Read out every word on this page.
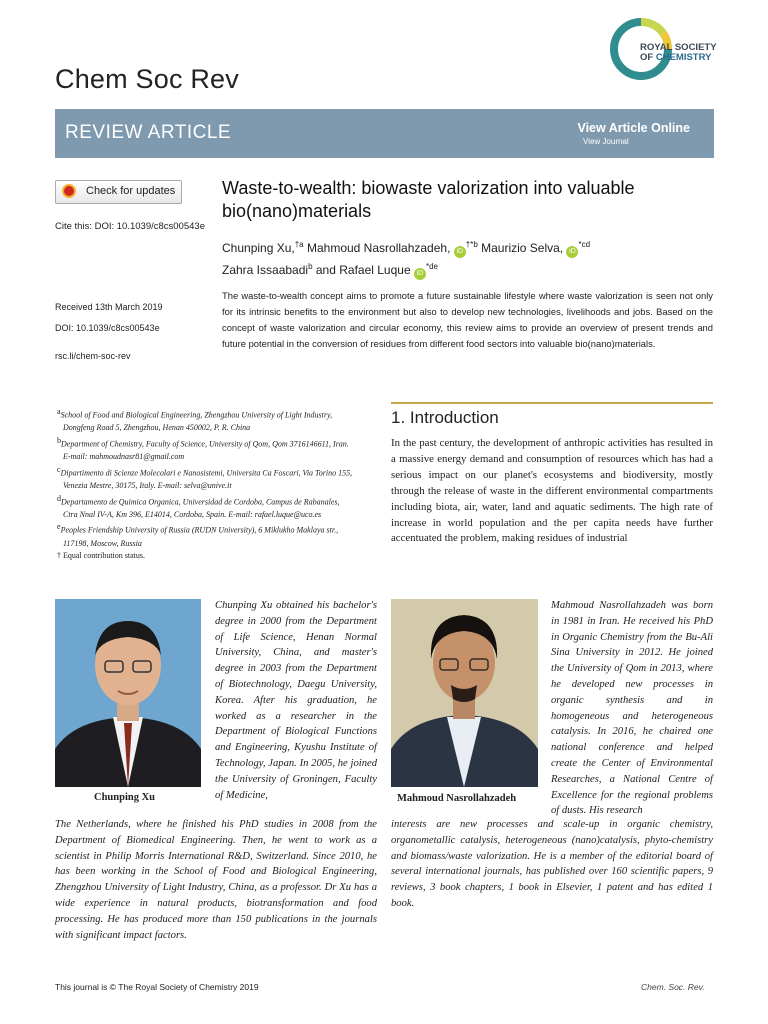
Chem Soc Rev
ROYAL SOCIETY
OF CHEMISTRY
REVIEW ARTICLE	View Article Online
View Journal
Check for updates
Cite this: DOI: 10.1039/c8cs00543e
Received 13th March 2019
DOI: 10.1039/c8cs00543e
rsc.li/chem-soc-rev
Waste-to-wealth: biowaste valorization into valuable bio(nano)materials
Chunping Xu,$^{\dagger a}$ Mahmoud Nasrollahzadeh, $iD^{\dagger*b}$ Maurizio Selva, $iD^{*cd}$
Zahra Issaabadi$^b$ and Rafael Luque $iD^{*de}$
The waste-to-wealth concept aims to promote a future sustainable lifestyle where waste valorization is seen not only for its intrinsic benefits to the environment but also to develop new technologies, livelihoods and jobs. Based on the concept of waste valorization and circular economy, this review aims to provide an overview of present trends and future potential in the conversion of residues from different food sectors into valuable bio(nano)materials.
$^a$School of Food and Biological Engineering, Zhengzhou University of Light Industry, Dongfeng Road 5, Zhengzhou, Henan 450002, P. R. China
$^b$Department of Chemistry, Faculty of Science, University of Qom, Qom 3716146611, Iran. E-mail: mahmoudnasr81@gmail.com
$^c$Dipartimento di Scienze Molecolari e Nanosistemi, Universita Ca Foscari, Via Torino 155, Venezia Mestre, 30175, Italy. E-mail: selva@unive.it
$^d$Departamento de Quimica Organica, Universidad de Cordoba, Campus de Rabanales, Ctra Nnal IV-A, Km 396, E14014, Cordoba, Spain. E-mail: rafael.luque@uco.es
$^e$Peoples Friendship University of Russia (RUDN University), 6 Miklukho Maklaya str., 117198, Moscow, Russia
† Equal contribution status.
1. Introduction
In the past century, the development of anthropic activities has resulted in a massive energy demand and consumption of resources which has had a serious impact on our planet's ecosystems and biodiversity, mostly through the release of waste in the different environmental compartments including biota, air, water, land and aquatic sediments. The high rate of increase in world population and the per capita needs have further accentuated the problem, making residues of industrial
Chunping Xu
Chunping Xu obtained his bachelor's degree in 2000 from the Department of Life Science, Henan Normal University, China, and master's degree in 2003 from the Department of Biotechnology, Daegu University, Korea. After his graduation, he worked as a researcher in the Department of Biological Functions and Engineering, Kyushu Institute of Technology, Japan. In 2005, he joined the University of Groningen, Faculty of Medicine,
The Netherlands, where he finished his PhD studies in 2008 from the Department of Biomedical Engineering. Then, he went to work as a scientist in Philip Morris International R&D, Switzerland. Since 2010, he has been working in the School of Food and Biological Engineering, Zhengzhou University of Light Industry, China, as a professor. Dr Xu has a wide experience in natural products, biotransformation and food processing. He has produced more than 150 publications in the journals with significant impact factors.
Mahmoud Nasrollahzadeh
Mahmoud Nasrollahzadeh was born in 1981 in Iran. He received his PhD in Organic Chemistry from the Bu-Ali Sina University in 2012. He joined the University of Qom in 2013, where he developed new processes in organic synthesis and in homogeneous and heterogeneous catalysis. In 2016, he chaired one national conference and helped create the Center of Environmental Researches, a National Centre of Excellence for the regional problems of dusts. His research
interests are new processes and scale-up in organic chemistry, organometallic catalysis, heterogeneous (nano)catalysis, phyto-chemistry and biomass/waste valorization. He is a member of the editorial board of several international journals, has published over 160 scientific papers, 9 reviews, 3 book chapters, 1 book in Elsevier, 1 patent and has edited 1 book.
This journal is © The Royal Society of Chemistry 2019	Chem. Soc. Rev.
